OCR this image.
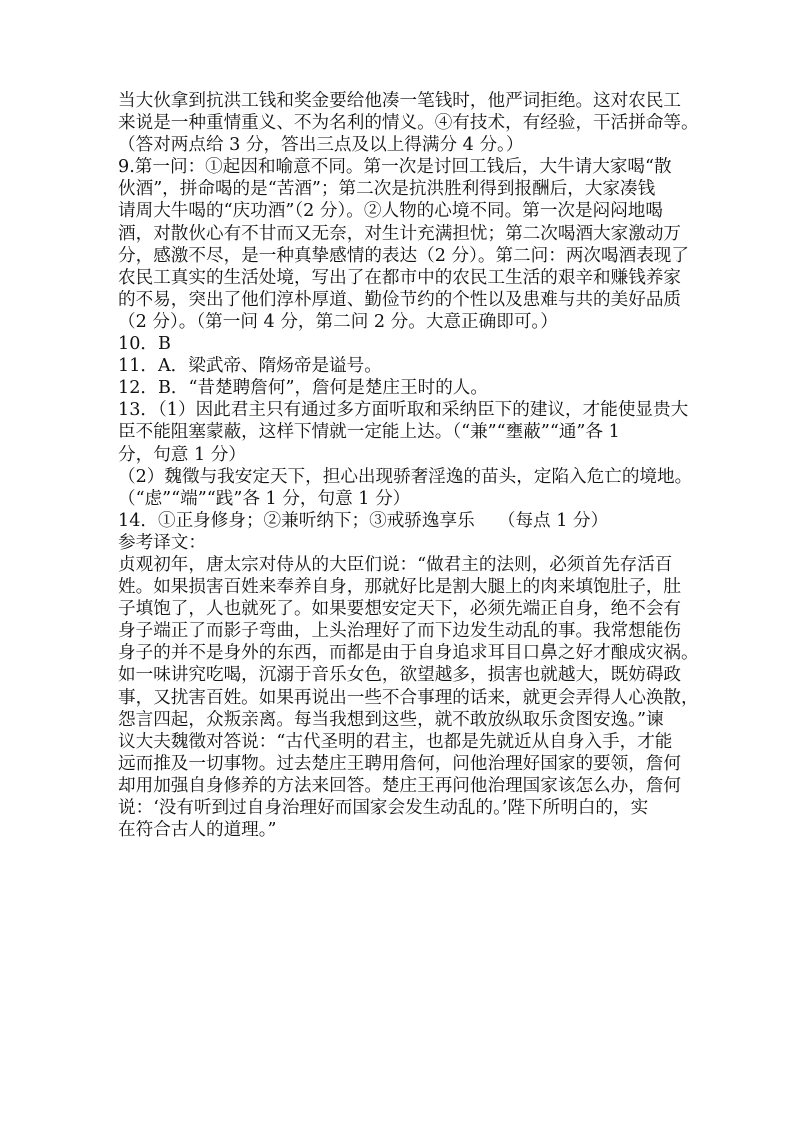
当大伙拿到抗洪工钱和奖金要给他凑一笔钱时，他严词拒绝。这对农民工
来说是一种重情重义、不为名利的情义。④有技术，有经验，干活拼命等。
（答对两点给 3 分，答出三点及以上得满分 4 分。）
9.第一问：①起因和喻意不同。第一次是讨回工钱后，大牛请大家喝“散
伙酒”，拼命喝的是“苦酒”；第二次是抗洪胜利得到报酬后，大家凑钱
请周大牛喝的“庆功酒”（2 分）。②人物的心境不同。第一次是闷闷地喝
酒，对散伙心有不甘而又无奈，对生计充满担忧；第二次喝酒大家激动万
分，感激不尽，是一种真挚感情的表达（2 分）。第二问：两次喝酒表现了
农民工真实的生活处境，写出了在都市中的农民工生活的艰辛和赚钱养家
的不易，突出了他们淳朴厚道、勤俭节约的个性以及患难与共的美好品质
（2 分）。（第一问 4 分，第二问 2 分。大意正确即可。）
10．B
11．A．梁武帝、隋炀帝是谥号。
12．B．“昔楚聘詹何”，詹何是楚庄王时的人。
13．（1）因此君主只有通过多方面听取和采纳臣下的建议，才能使显贵大
臣不能阻塞蒙蔽，这样下情就一定能上达。（“兼”“壅蔽”“通”各 1
分，句意 1 分）
（2）魏徵与我安定天下，担心出现骄奢淫逸的苗头，定陷入危亡的境地。
（“虑”“端”“践”各 1 分，句意 1 分）
14．①正身修身；②兼听纳下；③戒骄逸享乐　 （每点 1 分）
参考译文：
贞观初年，唐太宗对侍从的大臣们说：“做君主的法则，必须首先存活百
姓。如果损害百姓来奉养自身，那就好比是割大腿上的肉来填饱肚子，肚
子填饱了，人也就死了。如果要想安定天下，必须先端正自身，绝不会有
身子端正了而影子弯曲，上头治理好了而下边发生动乱的事。我常想能伤
身子的并不是身外的东西，而都是由于自身追求耳目口鼻之好才酿成灾祸。
如一味讲究吃喝，沉溺于音乐女色，欲望越多，损害也就越大，既妨碍政
事，又扰害百姓。如果再说出一些不合事理的话来，就更会弄得人心涣散，
怨言四起，众叛亲离。每当我想到这些，就不敢放纵取乐贪图安逸。”谏
议大夫魏徵对答说：“古代圣明的君主，也都是先就近从自身入手，才能
远而推及一切事物。过去楚庄王聘用詹何，问他治理好国家的要领，詹何
却用加强自身修养的方法来回答。楚庄王再问他治理国家该怎么办，詹何
说：‘没有听到过自身治理好而国家会发生动乱的。’陛下所明白的，实
在符合古人的道理。”
